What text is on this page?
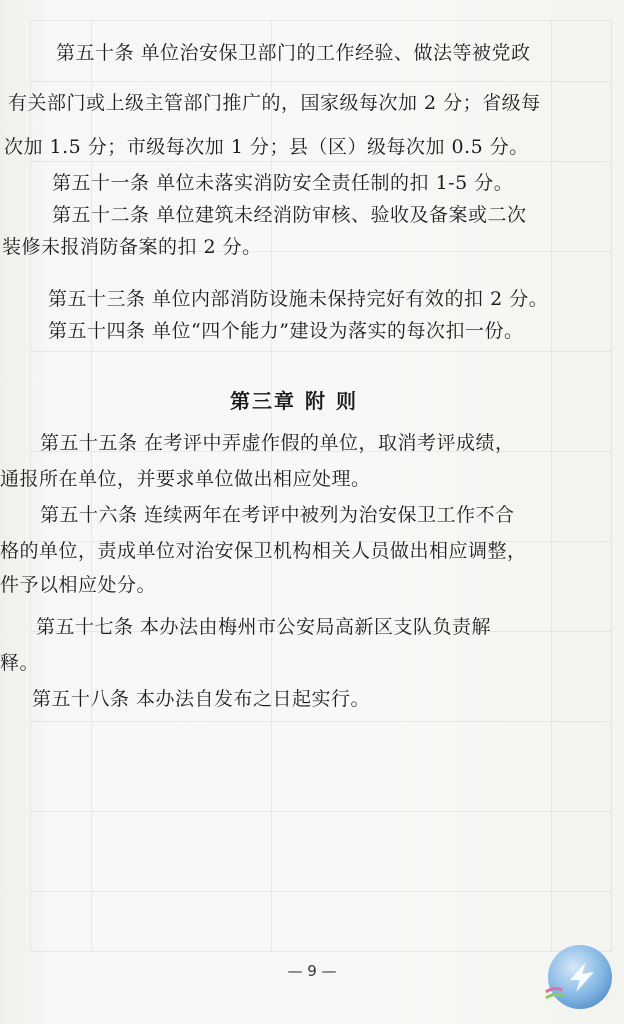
第五十条 单位治安保卫部门的工作经验、做法等被党政
有关部门或上级主管部门推广的，国家级每次加 2 分；省级每
次加 1.5 分；市级每次加 1 分；县（区）级每次加 0.5 分。
第五十一条 单位未落实消防安全责任制的扣 1-5 分。
第五十二条 单位建筑未经消防审核、验收及备案或二次
装修未报消防备案的扣 2 分。
第五十三条 单位内部消防设施未保持完好有效的扣 2 分。
第五十四条 单位“四个能力”建设为落实的每次扣一份。
第三章 附 则
第五十五条 在考评中弄虚作假的单位，取消考评成绩，
通报所在单位，并要求单位做出相应处理。
第五十六条 连续两年在考评中被列为治安保卫工作不合
格的单位，责成单位对治安保卫机构相关人员做出相应调整，
件予以相应处分。
第五十七条 本办法由梅州市公安局高新区支队负责解
释。
第五十八条 本办法自发布之日起实行。
— 9 —
